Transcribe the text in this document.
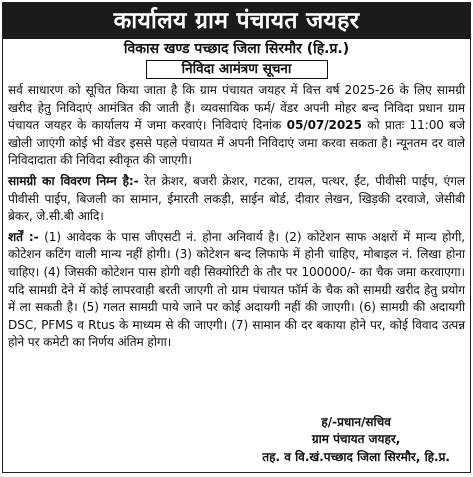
कार्यालय ग्राम पंचायत जयहर
विकास खण्ड पच्छाद जिला सिरमौर (हि.प्र.)
निविदा आमंत्रण सूचना

सर्व साधारण को सूचित किया जाता है कि ग्राम पंचायत जयहर में वित्त वर्ष 2025-26 के लिए सामग्री खरीद हेतु निविदाएं आमंत्रित की जाती हैं। व्यवसायिक फर्म/ वेंडर अपनी मोहर बन्द निविदा प्रधान ग्राम पंचायत जयहर के कार्यालय में जमा करवाएं। निविदाएं दिनांक 05/07/2025 को प्रातः 11:00 बजे खोली जाएंगी कोई भी वेंडर इससे पहले पंचायत में अपनी निविदाएं जमा करवा सकता है। न्यूनतम दर वाले निविदादाता की निविदा स्वीकृत की जाएगी।

सामग्री का विवरण निम्न है:- रेत क्रेशर, बजरी क्रेशर, गटका, टायल, पत्थर, ईंट, पीवीसी पाईप, एंगल पीवीसी पाईप, बिजली का सामान, ईमारती लकड़ी, साईन बोर्ड, दीवार लेखन, खिड़की दरवाजे, जेसीबी ब्रेकर, जे.सी.बी आदि।

शर्तें :- (1) आवेदक के पास जीएसटी नं. होना अनिवार्य है। (2) कोटेशन साफ अक्षरों में मान्य होगी, कोटेशन कटिंग वाली मान्य नहीं होगी। (3) कोटेशन बन्द लिफाफे में होनी चाहिए, मोबाइल नं. लिखा होना चाहिए। (4) जिसकी कोटेशन पास होगी वही सिक्योरिटी के तौर पर 100000/- का चैक जमा करवाएगा। यदि सामग्री देने में कोई लापरवाही बरती जाएगी तो ग्राम पंचायत फॉर्म के चैक को सामग्री खरीद हेतु प्रयोग में ला सकती है। (5) गलत सामग्री पाये जाने पर कोई अदायगी नहीं की जाएगी। (6) सामग्री की अदायगी DSC, PFMS व Rtus के माध्यम से की जाएगी। (7) सामान की दर बकाया होने पर, कोई विवाद उत्पन्न होने पर कमेटी का निर्णय अंतिम होगा।

ह/-प्रधान/सचिव
ग्राम पंचायत जयहर,
तह. व वि.खं.पच्छाद जिला सिरमौर, हि.प्र.
